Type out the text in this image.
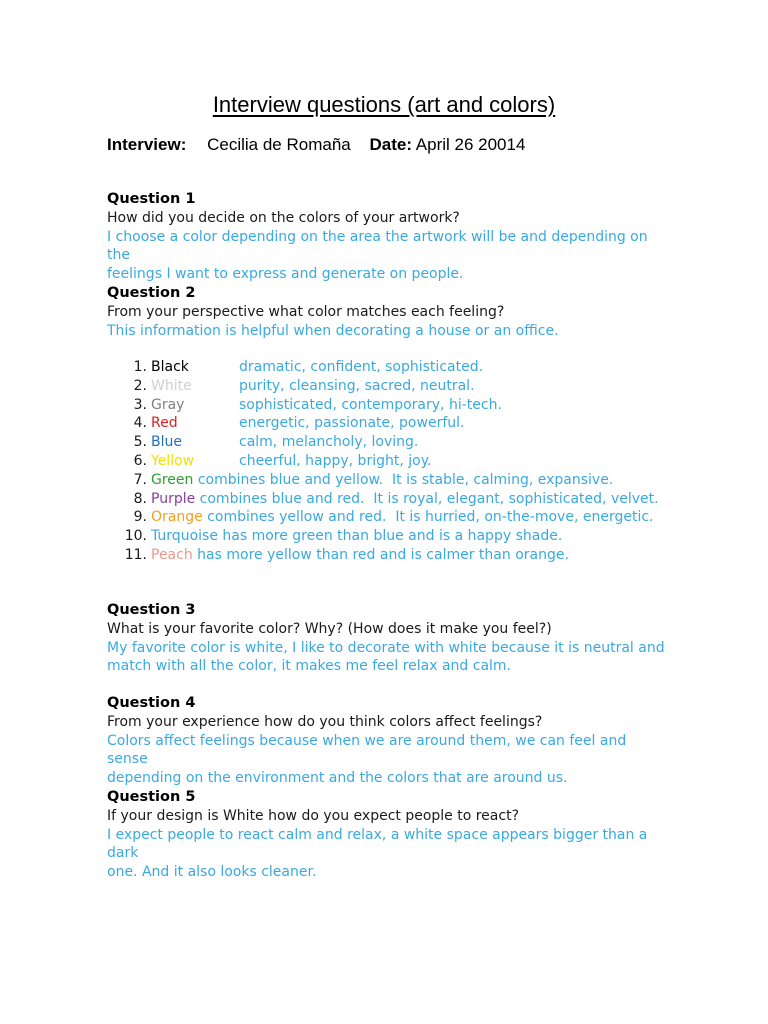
Interview questions (art and colors)
Interview: Cecilia de Romaña Date: April 26 20014
Question 1
How did you decide on the colors of your artwork?
I choose a color depending on the area the artwork will be and depending on the
feelings I want to express and generate on people.
Question 2
From your perspective what color matches each feeling?
This information is helpful when decorating a house or an office.
1. Black	dramatic, confident, sophisticated.
2. White	purity, cleansing, sacred, neutral.
3. Gray	sophisticated, contemporary, hi-tech.
4. Red	energetic, passionate, powerful.
5. Blue	calm, melancholy, loving.
6. Yellow	cheerful, happy, bright, joy.
7. Green combines blue and yellow.  It is stable, calming, expansive.
8. Purple combines blue and red.  It is royal, elegant, sophisticated, velvet.
9. Orange combines yellow and red.  It is hurried, on-the-move, energetic.
10. Turquoise has more green than blue and is a happy shade.
11. Peach has more yellow than red and is calmer than orange.
Question 3
What is your favorite color? Why? (How does it make you feel?)
My favorite color is white, I like to decorate with white because it is neutral and
match with all the color, it makes me feel relax and calm.
Question 4
From your experience how do you think colors affect feelings?
Colors affect feelings because when we are around them, we can feel and sense
depending on the environment and the colors that are around us.
Question 5
If your design is White how do you expect people to react?
I expect people to react calm and relax, a white space appears bigger than a dark
one. And it also looks cleaner.
